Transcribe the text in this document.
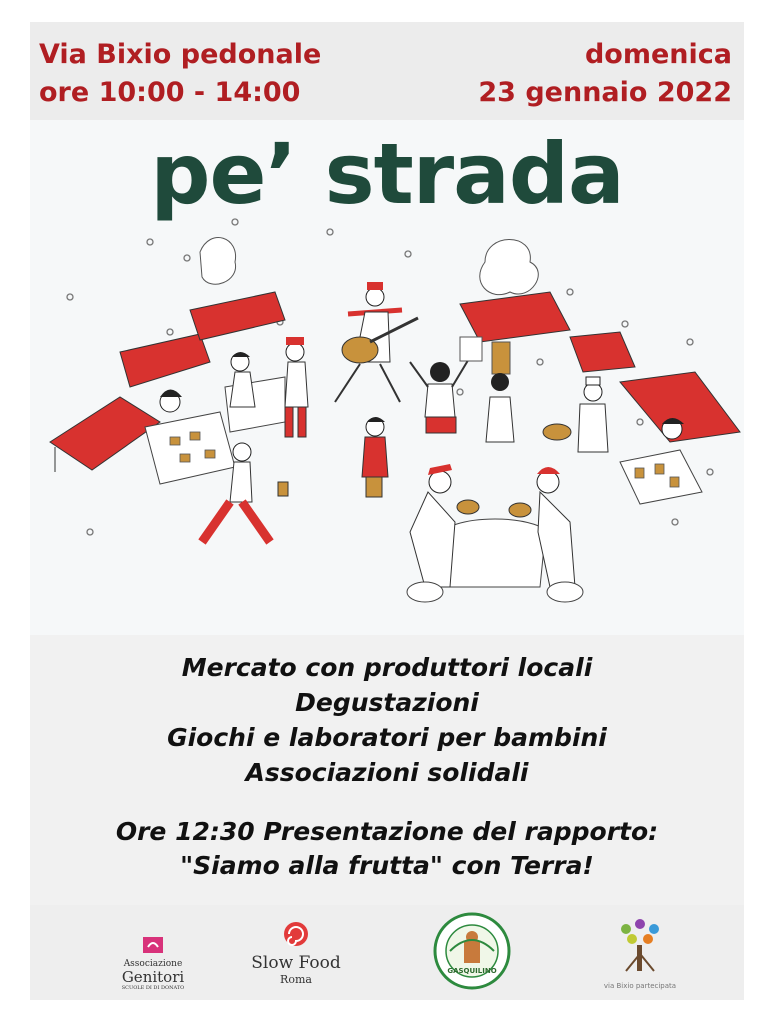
Via Bixio pedonale
ore 10:00 - 14:00
domenica
23 gennaio 2022
pe’ strada
Mercato con produttori locali
Degustazioni
Giochi e laboratori per bambini
Associazioni solidali
Ore 12:30 Presentazione del rapporto:
"Siamo alla frutta" con Terra!
Associazione
Genitori
SCUOLE DI DI DONATO
Slow Food
Roma
GASQUILINO
via Bixio partecipata
